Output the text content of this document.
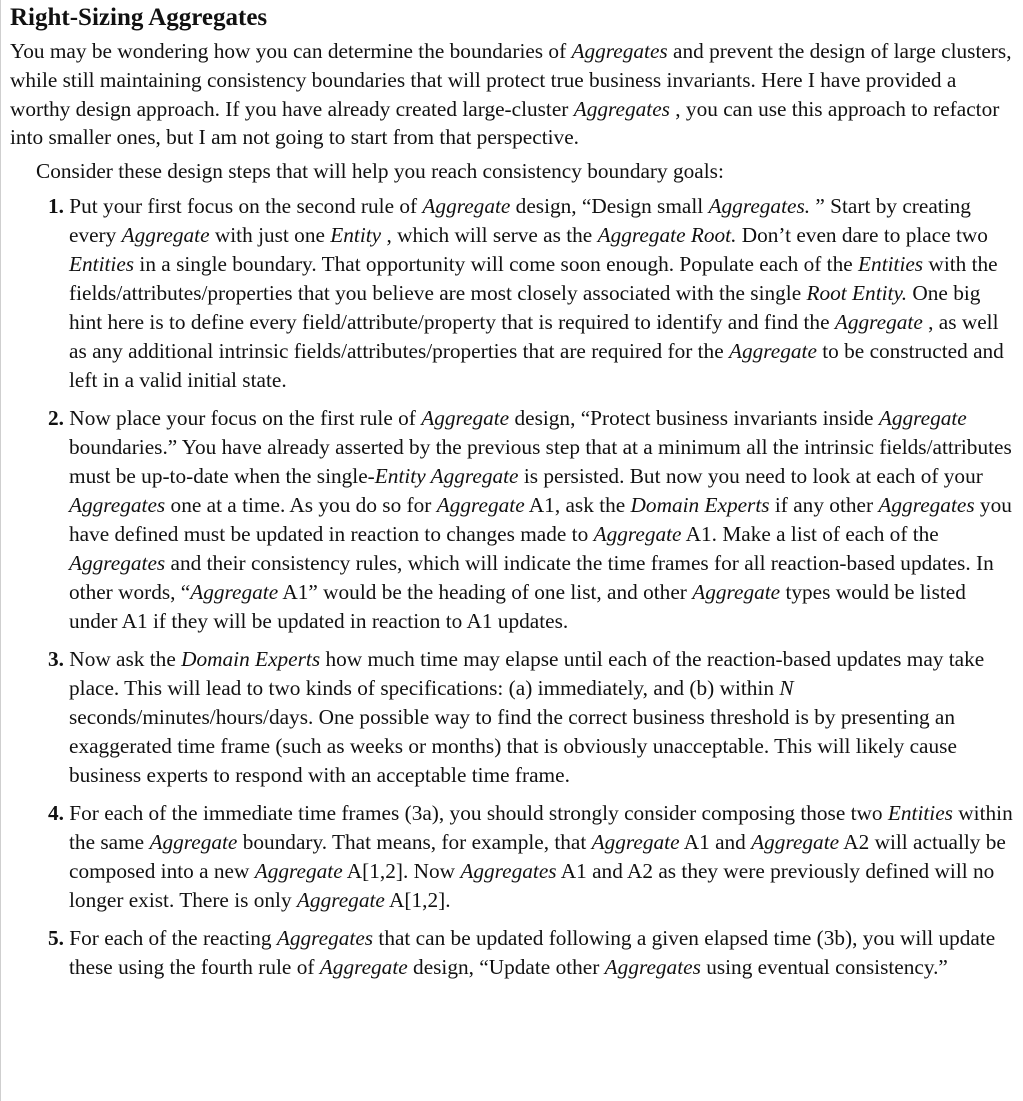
Right-Sizing Aggregates

You may be wondering how you can determine the boundaries of Aggregates and prevent the design of large clusters, while still maintaining consistency boundaries that will protect true business invariants. Here I have provided a worthy design approach. If you have already created large-cluster Aggregates , you can use this approach to refactor into smaller ones, but I am not going to start from that perspective.

Consider these design steps that will help you reach consistency boundary goals:

1. Put your first focus on the second rule of Aggregate design, “Design small Aggregates. ” Start by creating every Aggregate with just one Entity , which will serve as the Aggregate Root. Don’t even dare to place two Entities in a single boundary. That opportunity will come soon enough. Populate each of the Entities with the fields/attributes/properties that you believe are most closely associated with the single Root Entity. One big hint here is to define every field/attribute/property that is required to identify and find the Aggregate , as well as any additional intrinsic fields/attributes/properties that are required for the Aggregate to be constructed and left in a valid initial state.
2. Now place your focus on the first rule of Aggregate design, “Protect business invariants inside Aggregate boundaries.” You have already asserted by the previous step that at a minimum all the intrinsic fields/attributes must be up-to-date when the single-Entity Aggregate is persisted. But now you need to look at each of your Aggregates one at a time. As you do so for Aggregate A1, ask the Domain Experts if any other Aggregates you have defined must be updated in reaction to changes made to Aggregate A1. Make a list of each of the Aggregates and their consistency rules, which will indicate the time frames for all reaction-based updates. In other words, “Aggregate A1” would be the heading of one list, and other Aggregate types would be listed under A1 if they will be updated in reaction to A1 updates.
3. Now ask the Domain Experts how much time may elapse until each of the reaction-based updates may take place. This will lead to two kinds of specifications: (a) immediately, and (b) within N seconds/minutes/hours/days. One possible way to find the correct business threshold is by presenting an exaggerated time frame (such as weeks or months) that is obviously unacceptable. This will likely cause business experts to respond with an acceptable time frame.
4. For each of the immediate time frames (3a), you should strongly consider composing those two Entities within the same Aggregate boundary. That means, for example, that Aggregate A1 and Aggregate A2 will actually be composed into a new Aggregate A[1,2]. Now Aggregates A1 and A2 as they were previously defined will no longer exist. There is only Aggregate A[1,2].
5. For each of the reacting Aggregates that can be updated following a given elapsed time (3b), you will update these using the fourth rule of Aggregate design, “Update other Aggregates using eventual consistency.”
